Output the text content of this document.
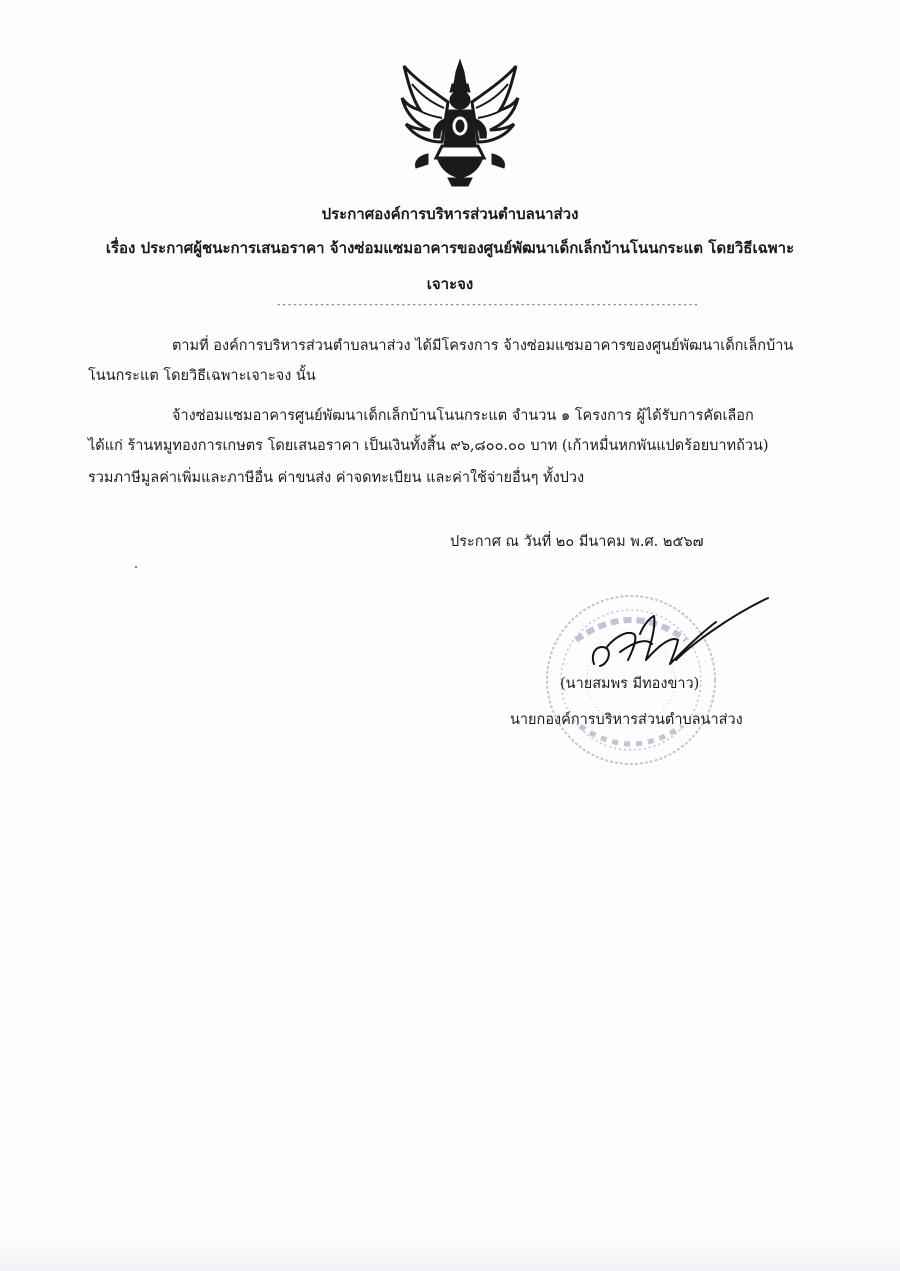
ประกาศองค์การบริหารส่วนตำบลนาส่วง
เรื่อง ประกาศผู้ชนะการเสนอราคา จ้างซ่อมแซมอาคารของศูนย์พัฒนาเด็กเล็กบ้านโนนกระแต โดยวิธีเฉพาะ
เจาะจง
------------------------------------------------------------------------------
ตามที่ องค์การบริหารส่วนตำบลนาส่วง ได้มีโครงการ จ้างซ่อมแซมอาคารของศูนย์พัฒนาเด็กเล็กบ้าน
โนนกระแต โดยวิธีเฉพาะเจาะจง นั้น
จ้างซ่อมแซมอาคารศูนย์พัฒนาเด็กเล็กบ้านโนนกระแต จำนวน ๑ โครงการ ผู้ได้รับการคัดเลือก
ได้แก่ ร้านหมูทองการเกษตร โดยเสนอราคา เป็นเงินทั้งสิ้น ๙๖,๘๐๐.๐๐ บาท (เก้าหมื่นหกพันแปดร้อยบาทถ้วน)
รวมภาษีมูลค่าเพิ่มและภาษีอื่น ค่าขนส่ง ค่าจดทะเบียน และค่าใช้จ่ายอื่นๆ ทั้งปวง
ประกาศ ณ วันที่ ๒๐ มีนาคม พ.ศ. ๒๕๖๗
(นายสมพร มีทองขาว)
นายกองค์การบริหารส่วนตำบลนาส่วง
